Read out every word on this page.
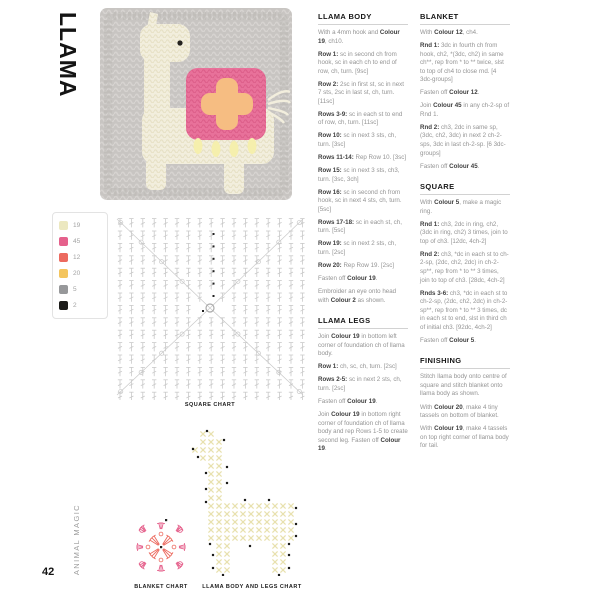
LLAMA
19
45
12
20
5
2
SQUARE CHART
LLAMA BODY

With a 4mm hook and Colour 19, ch10.

Row 1: sc in second ch from hook, sc in each ch to end of row, ch, turn. [9sc]

Row 2: 2sc in first st, sc in next 7 sts, 2sc in last st, ch, turn. [11sc]

Rows 3-9: sc in each st to end of row, ch, turn. [11sc]

Row 10: sc in next 3 sts, ch, turn. [3sc]

Rows 11-14: Rep Row 10. [3sc]

Row 15: sc in next 3 sts, ch3, turn. [3sc, 3ch]

Row 16: sc in second ch from hook, sc in next 4 sts, ch, turn. [5sc]

Rows 17-18: sc in each st, ch, turn. [5sc]

Row 19: sc in next 2 sts, ch, turn. [2sc]

Row 20: Rep Row 19. [2sc]

Fasten off Colour 19.

Embroider an eye onto head with Colour 2 as shown.

LLAMA LEGS

Join Colour 19 in bottom left corner of foundation ch of llama body.

Row 1: ch, sc, ch, turn. [2sc]

Rows 2-5: sc in next 2 sts, ch, turn. [2sc]

Fasten off Colour 19.

Join Colour 19 in bottom right corner of foundation ch of llama body and rep Rows 1-5 to create second leg. Fasten off Colour 19.

BLANKET

With Colour 12, ch4.

Rnd 1: 3dc in fourth ch from hook, ch2, *(3dc, ch2) in same ch**, rep from * to ** twice, slst to top of ch4 to close rnd. [4 3dc-groups]

Fasten off Colour 12.

Join Colour 45 in any ch-2-sp of Rnd 1.

Rnd 2: ch3, 2dc in same sp, (3dc, ch2, 3dc) in next 2 ch-2-sps, 3dc in last ch-2-sp. [6 3dc-groups]

Fasten off Colour 45.

SQUARE

With Colour 5, make a magic ring.

Rnd 1: ch3, 2dc in ring, ch2, (3dc in ring, ch2) 3 times, join to top of ch3. [12dc, 4ch-2]

Rnd 2: ch3, *dc in each st to ch-2-sp, (2dc, ch2, 2dc) in ch-2-sp**, rep from * to ** 3 times, join to top of ch3. [28dc, 4ch-2]

Rnds 3-6: ch3, *dc in each st to ch-2-sp, (2dc, ch2, 2dc) in ch-2-sp**, rep from * to ** 3 times, dc in each st to end, slst in third ch of initial ch3. [92dc, 4ch-2]

Fasten off Colour 5.

FINISHING

Stitch llama body onto centre of square and stitch blanket onto llama body as shown.

With Colour 20, make 4 tiny tassels on bottom of blanket.

With Colour 19, make 4 tassels on top right corner of llama body for tail.

BLANKET CHART	LLAMA BODY AND LEGS CHART
ANIMAL MAGIC
42
